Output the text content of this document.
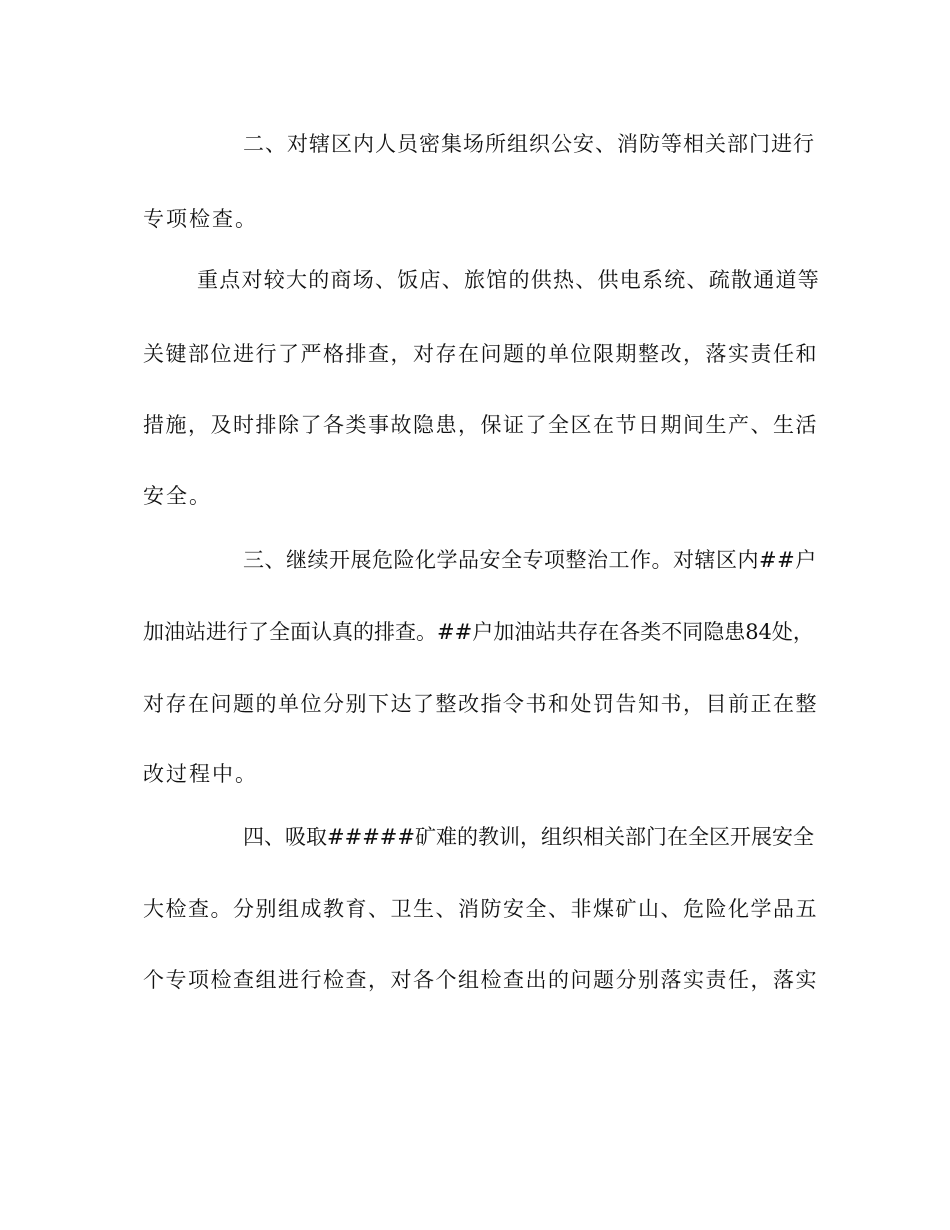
二、对辖区内人员密集场所组织公安、消防等相关部门进行
专项检查。
重点对较大的商场、饭店、旅馆的供热、供电系统、疏散通道等
关键部位进行了严格排查，对存在问题的单位限期整改，落实责任和
措施，及时排除了各类事故隐患，保证了全区在节日期间生产、生活
安全。
三、继续开展危险化学品安全专项整治工作。对辖区内##户
加油站进行了全面认真的排查。##户加油站共存在各类不同隐患84处，
对存在问题的单位分别下达了整改指令书和处罚告知书，目前正在整
改过程中。
四、吸取#####矿难的教训，组织相关部门在全区开展安全
大检查。分别组成教育、卫生、消防安全、非煤矿山、危险化学品五
个专项检查组进行检查，对各个组检查出的问题分别落实责任，落实
